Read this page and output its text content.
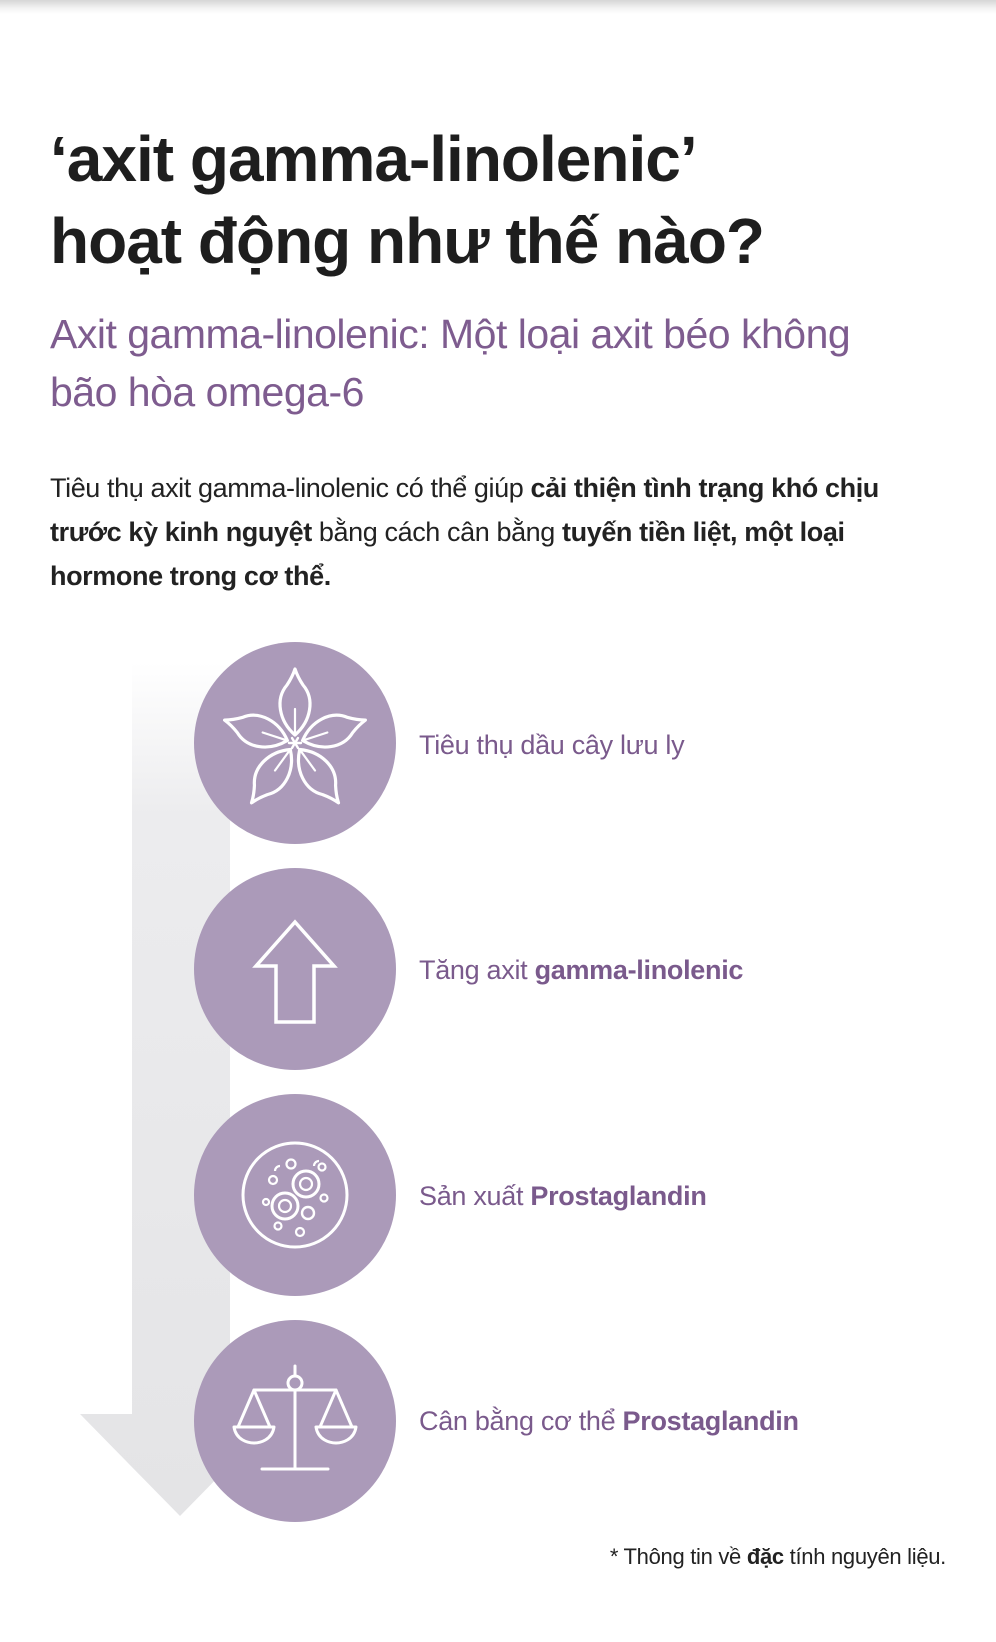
‘axit gamma-linolenic’
hoạt động như thế nào?
Axit gamma-linolenic: Một loại axit béo không
bão hòa omega-6

Tiêu thụ axit gamma-linolenic có thể giúp cải thiện tình trạng khó chịu trước kỳ kinh nguyệt bằng cách cân bằng tuyến tiền liệt, một loại hormone trong cơ thể.

Tiêu thụ dầu cây lưu ly
Tăng axit gamma-linolenic
Sản xuất Prostaglandin
Cân bằng cơ thể Prostaglandin
* Thông tin về đặc tính nguyên liệu.
